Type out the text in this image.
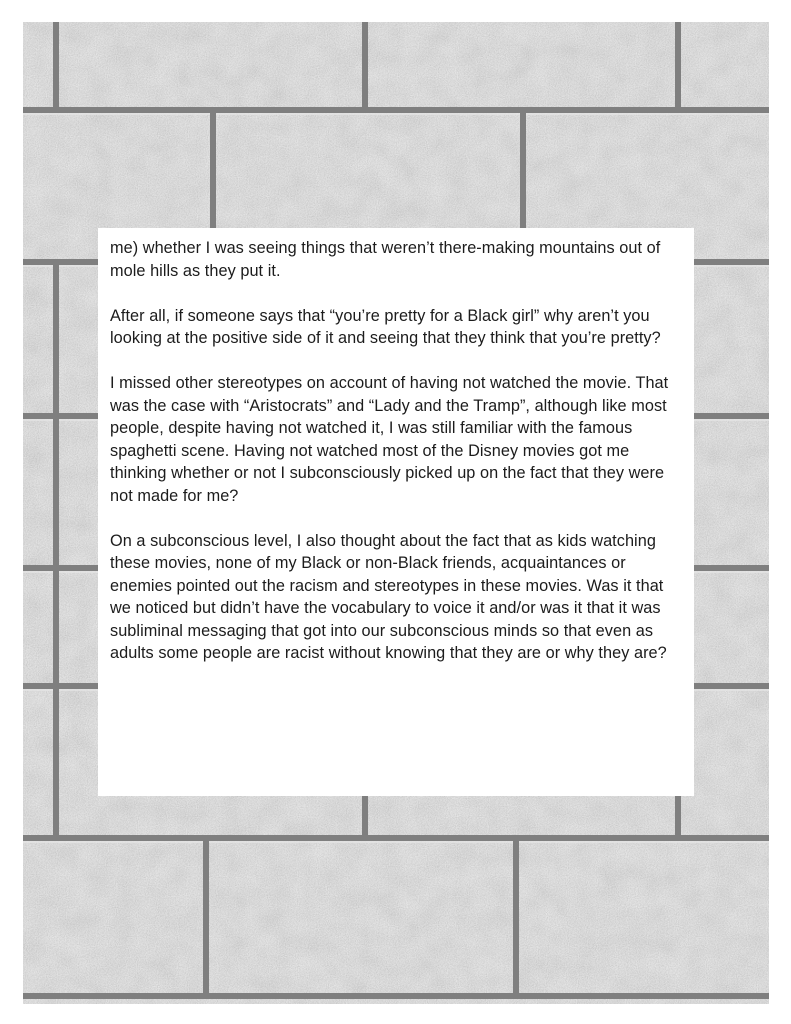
me) whether I was seeing things that weren’t there-making mountains out of mole hills as they put it.

After all, if someone says that “you’re pretty for a Black girl” why aren’t you looking at the positive side of it and seeing that they think that you’re pretty?

I missed other stereotypes on account of having not watched the movie. That was the case with “Aristocrats” and “Lady and the Tramp”, although like most people, despite having not watched it, I was still familiar with the famous spaghetti scene. Having not watched most of the Disney movies got me thinking whether or not I subconsciously picked up on the fact that they were not made for me?

On a subconscious level, I also thought about the fact that as kids watching these movies, none of my Black or non-Black friends, acquaintances or enemies pointed out the racism and stereotypes in these movies. Was it that we noticed but didn’t have the vocabulary to voice it and/or was it that it was subliminal messaging that got into our subconscious minds so that even as adults some people are racist without knowing that they are or why they are?
